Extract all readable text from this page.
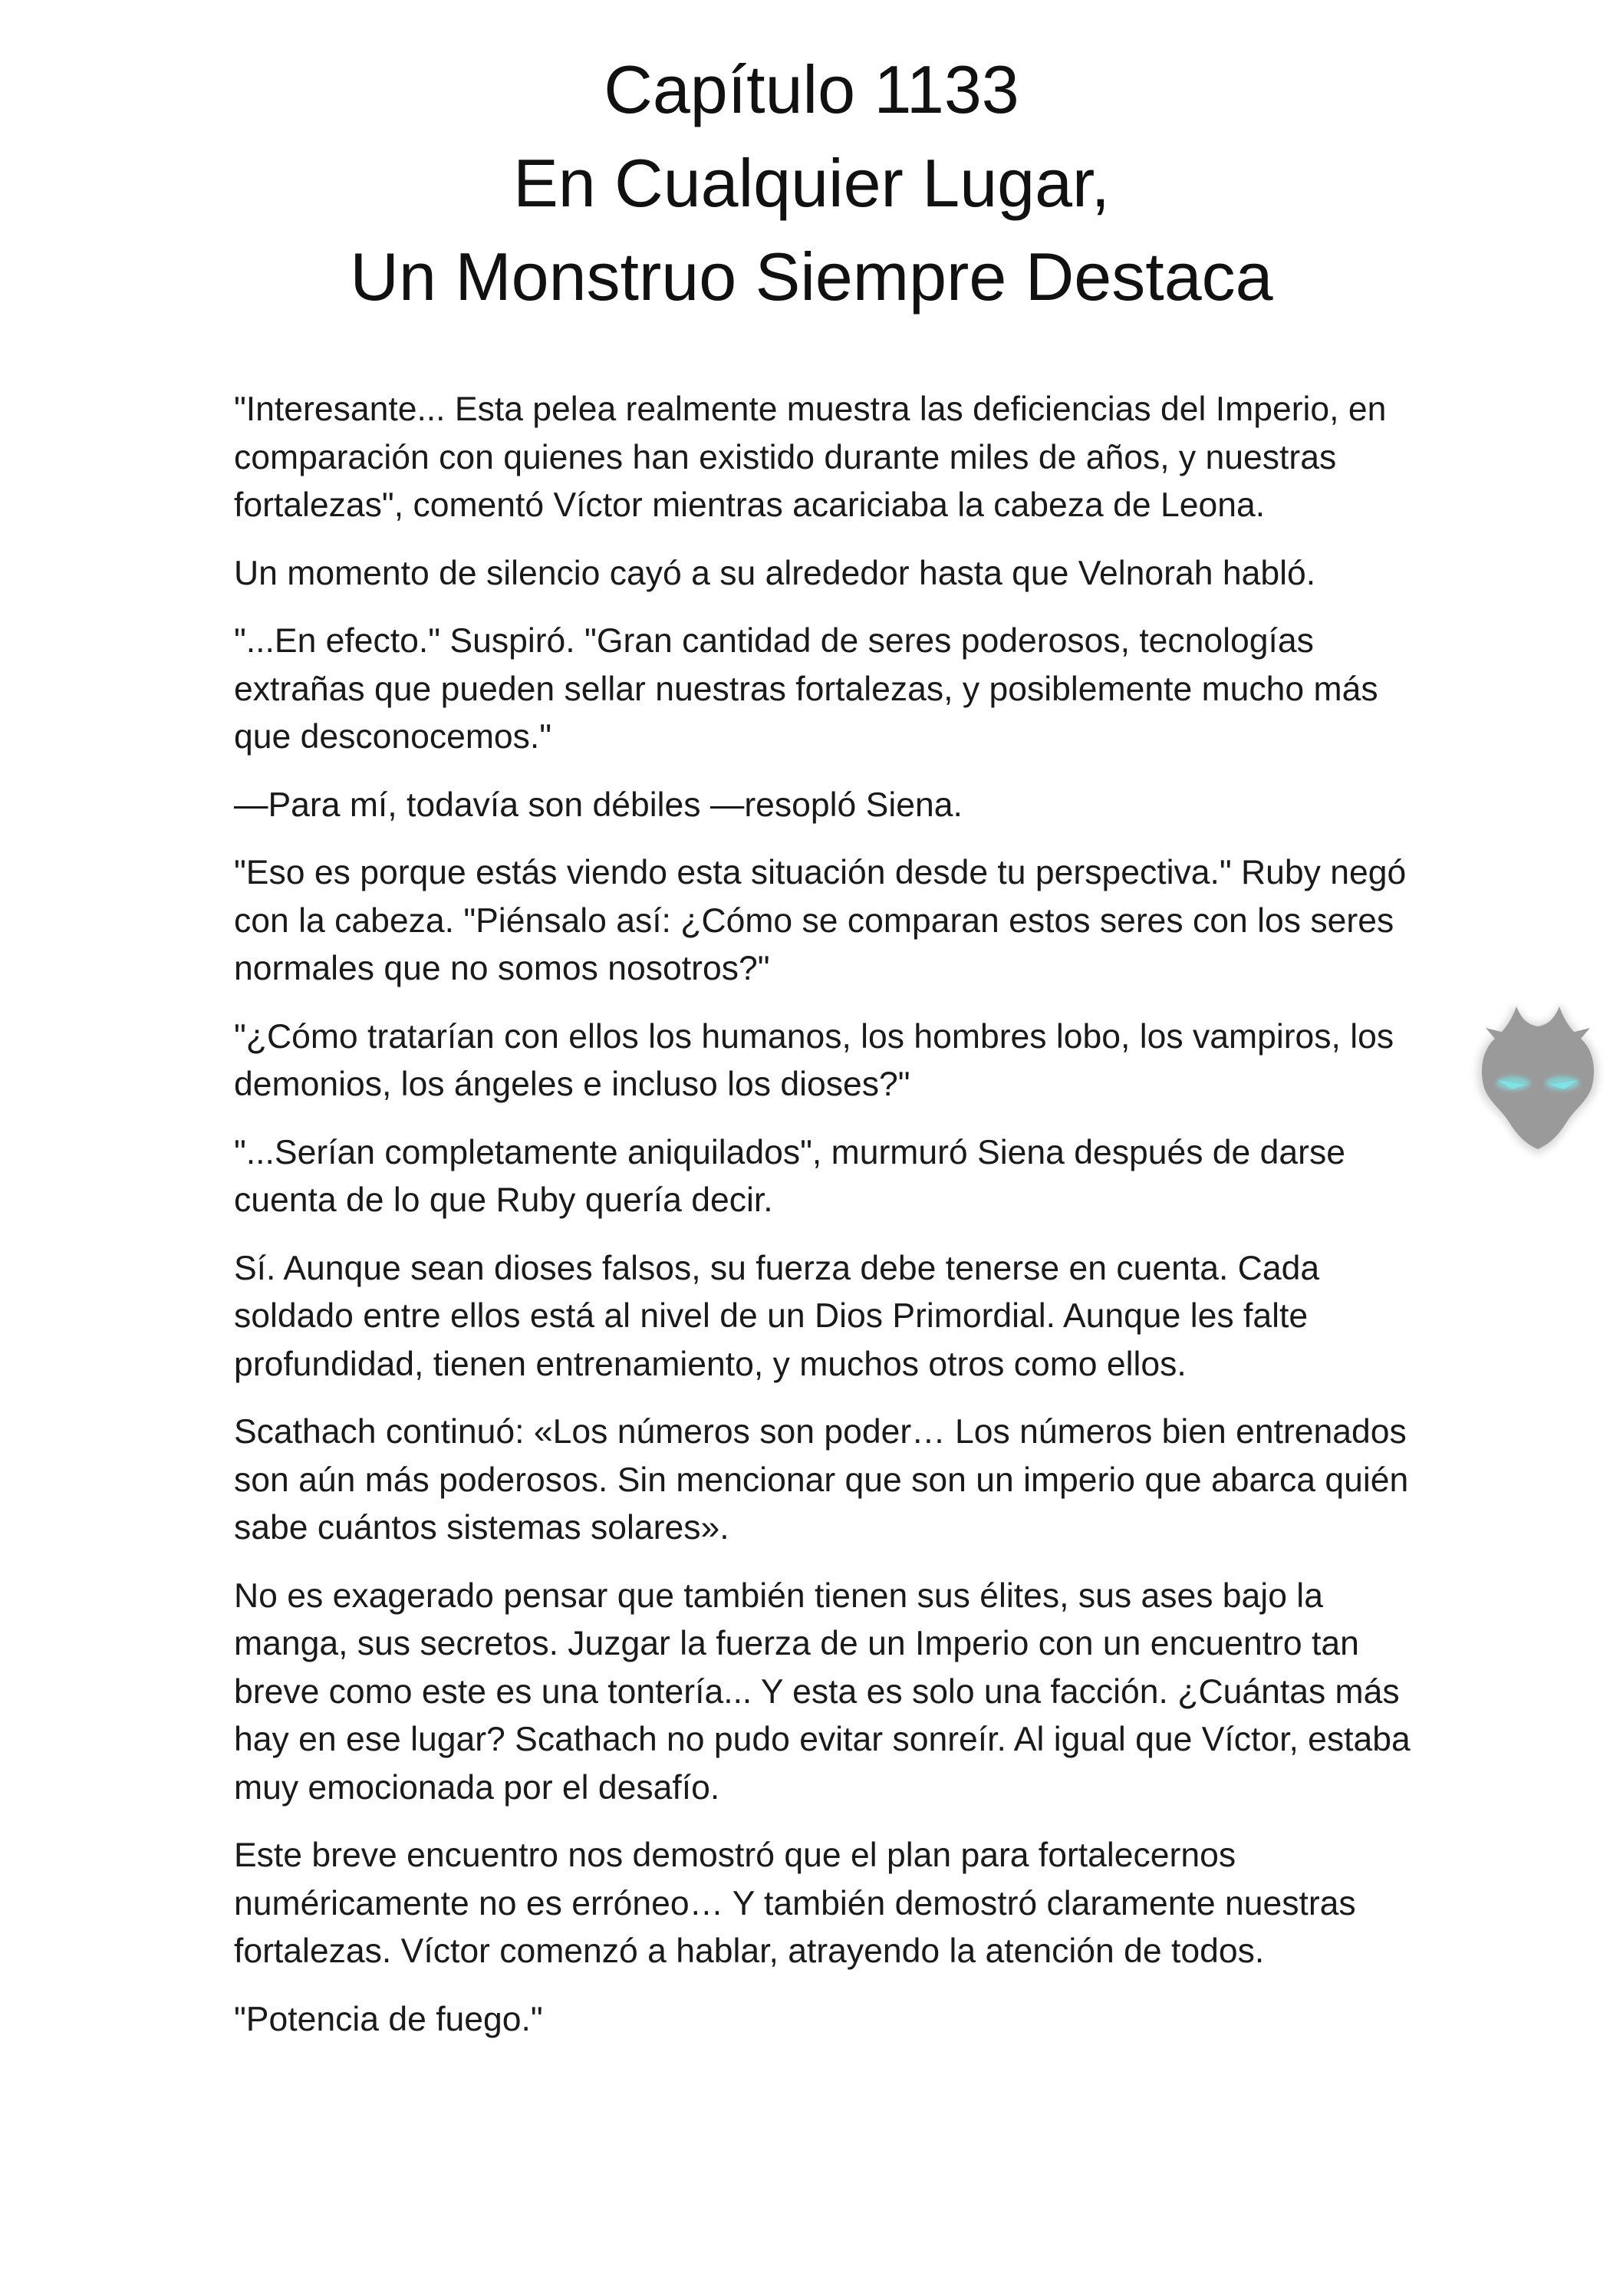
Capítulo 1133
En Cualquier Lugar,
Un Monstruo Siempre Destaca

"Interesante... Esta pelea realmente muestra las deficiencias del Imperio, en comparación con quienes han existido durante miles de años, y nuestras fortalezas", comentó Víctor mientras acariciaba la cabeza de Leona.

Un momento de silencio cayó a su alrededor hasta que Velnorah habló.

"...En efecto." Suspiró. "Gran cantidad de seres poderosos, tecnologías extrañas que pueden sellar nuestras fortalezas, y posiblemente mucho más que desconocemos."

—Para mí, todavía son débiles —resopló Siena.

"Eso es porque estás viendo esta situación desde tu perspectiva." Ruby negó con la cabeza. "Piénsalo así: ¿Cómo se comparan estos seres con los seres normales que no somos nosotros?"

"¿Cómo tratarían con ellos los humanos, los hombres lobo, los vampiros, los demonios, los ángeles e incluso los dioses?"

"...Serían completamente aniquilados", murmuró Siena después de darse cuenta de lo que Ruby quería decir.

Sí. Aunque sean dioses falsos, su fuerza debe tenerse en cuenta. Cada soldado entre ellos está al nivel de un Dios Primordial. Aunque les falte profundidad, tienen entrenamiento, y muchos otros como ellos.

Scathach continuó: «Los números son poder… Los números bien entrenados son aún más poderosos. Sin mencionar que son un imperio que abarca quién sabe cuántos sistemas solares».

No es exagerado pensar que también tienen sus élites, sus ases bajo la manga, sus secretos. Juzgar la fuerza de un Imperio con un encuentro tan breve como este es una tontería... Y esta es solo una facción. ¿Cuántas más hay en ese lugar? Scathach no pudo evitar sonreír. Al igual que Víctor, estaba muy emocionada por el desafío.

Este breve encuentro nos demostró que el plan para fortalecernos numéricamente no es erróneo… Y también demostró claramente nuestras fortalezas. Víctor comenzó a hablar, atrayendo la atención de todos.

"Potencia de fuego."
